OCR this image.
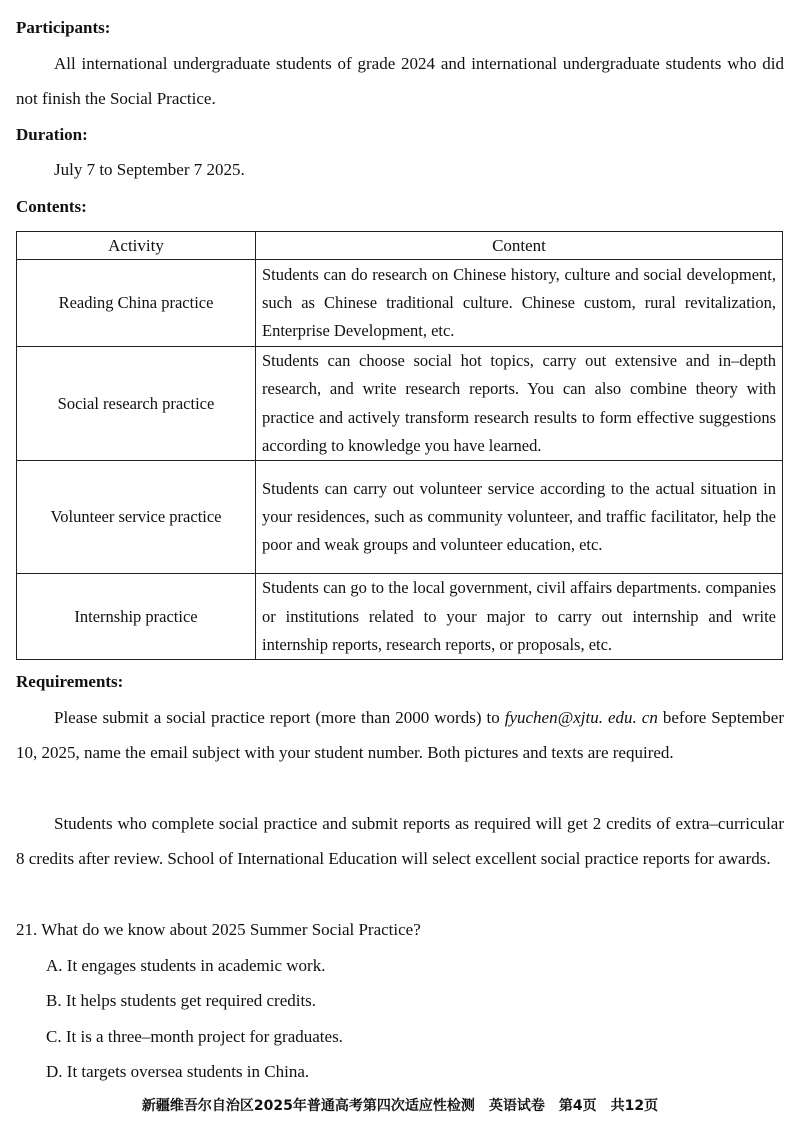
Participants:
All international undergraduate students of grade 2024 and international undergraduate students who did not finish the Social Practice.
Duration:
July 7 to September 7 2025.
Contents:
Activity	Content
Reading China practice	Students can do research on Chinese history, culture and social development, such as Chinese traditional culture. Chinese custom, rural revitalization, Enterprise Development, etc.
Social research practice	Students can choose social hot topics, carry out extensive and in–depth research, and write research reports. You can also combine theory with practice and actively transform research results to form effective suggestions according to knowledge you have learned.
Volunteer service practice	Students can carry out volunteer service according to the actual situation in your residences, such as community volunteer, and traffic facilitator, help the poor and weak groups and volunteer education, etc.
Internship practice	Students can go to the local government, civil affairs departments. companies or institutions related to your major to carry out internship and write internship reports, research reports, or proposals, etc.
Requirements:
Please submit a social practice report (more than 2000 words) to fyuchen@xjtu. edu. cn before September 10, 2025, name the email subject with your student number. Both pictures and texts are required.
Students who complete social practice and submit reports as required will get 2 credits of extra–curricular 8 credits after review. School of International Education will select excellent social practice reports for awards.
21. What do we know about 2025 Summer Social Practice?
A. It engages students in academic work.
B. It helps students get required credits.
C. It is a three–month project for graduates.
D. It targets oversea students in China.
新疆维吾尔自治区2025年普通高考第四次适应性检测　英语试卷　第4页　共12页
